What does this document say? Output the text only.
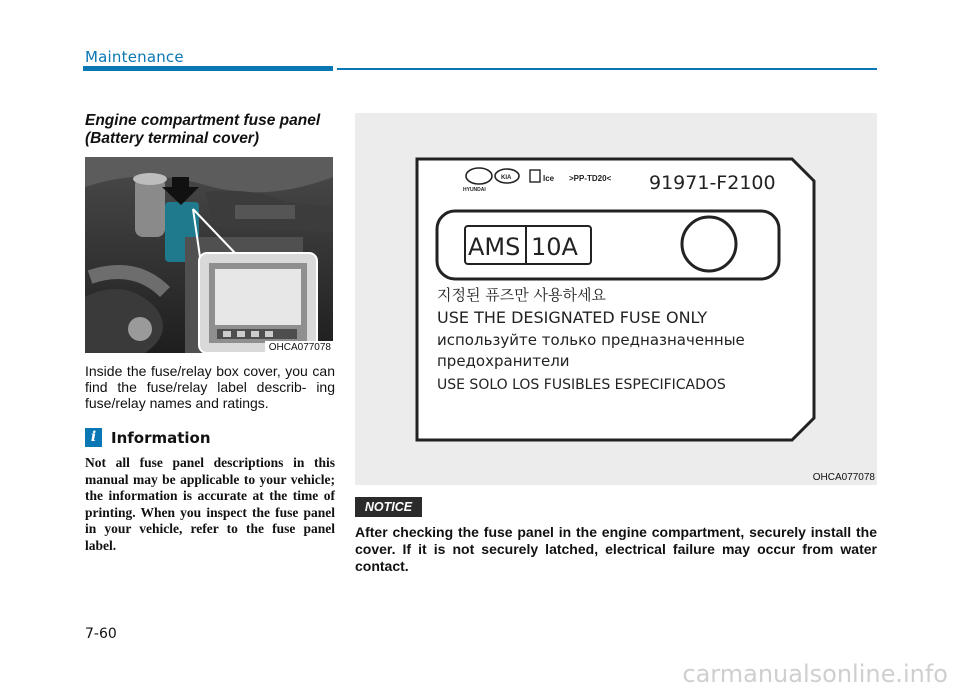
Maintenance
Engine compartment fuse panel
(Battery terminal cover)
OHCA077078
Inside the fuse/relay box cover, you can find the fuse/relay label describ- ing fuse/relay names and ratings.
i Information
Not all fuse panel descriptions in this manual may be applicable to your vehicle; the information is accurate at the time of printing. When you inspect the fuse panel in your vehicle, refer to the fuse panel label.
HYUNDAI
KIA	Ice >PP-TD20< 91971-F2100
AMS 10A
지정된 퓨즈만 사용하세요
USE THE DESIGNATED FUSE ONLY
используйте только предназначенные
предохранители
USE SOLO LOS FUSIBLES ESPECIFICADOS
OHCA077078
NOTICE
After checking the fuse panel in the engine compartment, securely install the cover. If it is not securely latched, electrical failure may occur from water contact.
7-60
carmanualsonline.info
